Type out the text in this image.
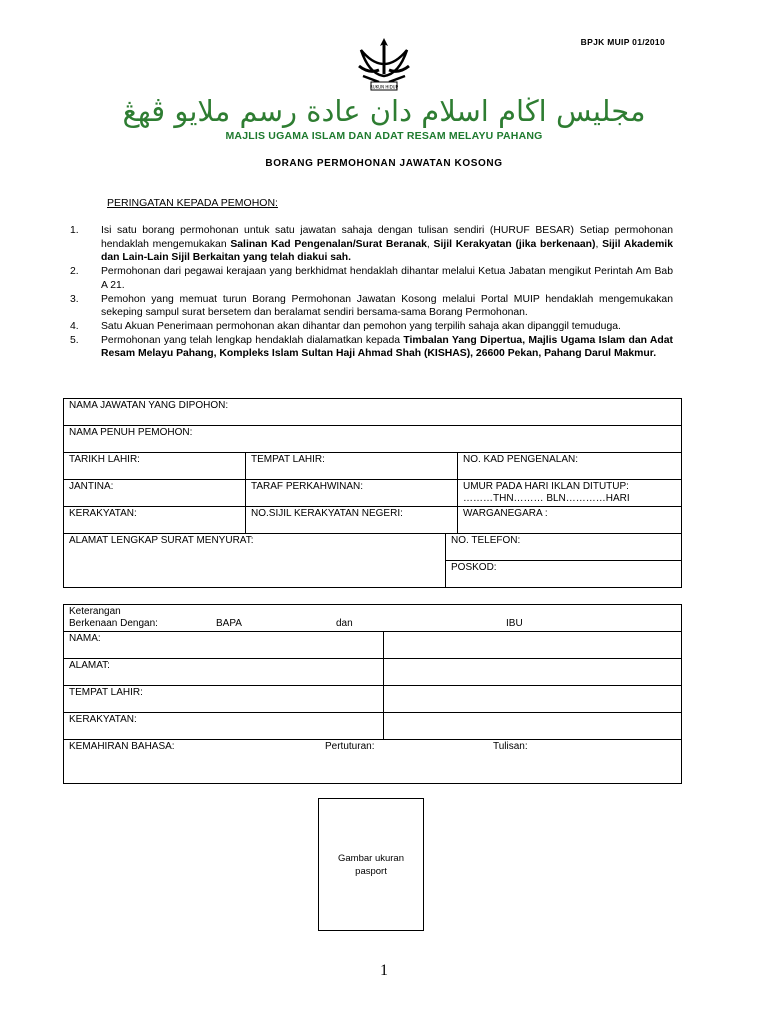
BPJK MUIP 01/2010
RUKUN HIDUP
مجليس اڬام اسلام دان عادة رسم ملايو ڤهڠ
MAJLIS UGAMA ISLAM DAN ADAT RESAM MELAYU PAHANG
BORANG PERMOHONAN JAWATAN KOSONG
PERINGATAN KEPADA PEMOHON:
1.	Isi satu borang permohonan untuk satu jawatan sahaja dengan tulisan sendiri (HURUF BESAR) Setiap permohonan hendaklah mengemukakan Salinan Kad Pengenalan/Surat Beranak, Sijil Kerakyatan (jika berkenaan), Sijil Akademik dan Lain-Lain Sijil Berkaitan yang telah diakui sah.
2.	Permohonan dari pegawai kerajaan yang berkhidmat hendaklah dihantar melalui Ketua Jabatan mengikut Perintah Am Bab A 21.
3.	Pemohon yang memuat turun Borang Permohonan Jawatan Kosong melalui Portal MUIP hendaklah mengemukakan sekeping sampul surat bersetem dan beralamat sendiri bersama-sama Borang Permohonan.
4.	Satu Akuan Penerimaan permohonan akan dihantar dan pemohon yang terpilih sahaja akan dipanggil temuduga.
5.	Permohonan yang telah lengkap hendaklah dialamatkan kepada Timbalan Yang Dipertua, Majlis Ugama Islam dan Adat Resam Melayu Pahang, Kompleks Islam Sultan Haji Ahmad Shah (KISHAS), 26600 Pekan, Pahang Darul Makmur.
NAMA JAWATAN YANG DIPOHON:			
NAMA PENUH PEMOHON:			
TARIKH LAHIR:	TEMPAT LAHIR:		NO. KAD PENGENALAN:
JANTINA:	TARAF PERKAHWINAN:		UMUR PADA HARI IKLAN DITUTUP:
………THN……… BLN…………HARI

KERAKYATAN:	NO.SIJIL KERAKYATAN NEGERI:		WARGANEGARA :
ALAMAT LENGKAP SURAT MENYURAT:		NO. TELEFON:	
		POSKOD:	
Keterangan
Berkenaan Dengan: BAPA dan IBU	

NAMA:	
ALAMAT:	
TEMPAT LAHIR:	
KERAKYATAN:	

KEMAHIRAN BAHASA: Pertuturan: Tulisan:	
Gambar ukuran pasport
1
